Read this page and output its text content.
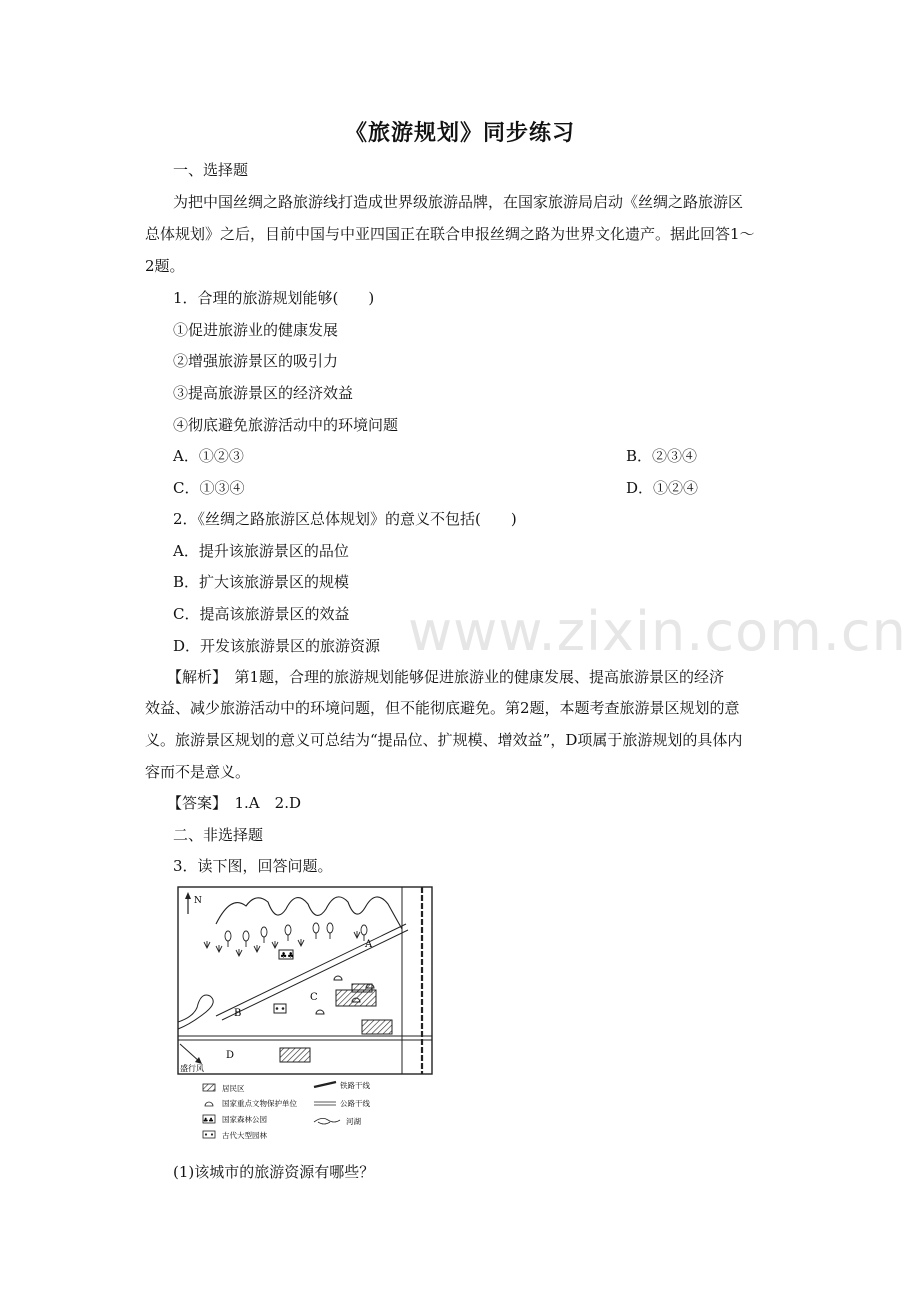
www.zixin.com.cn
《旅游规划》同步练习
一、选择题
为把中国丝绸之路旅游线打造成世界级旅游品牌，在国家旅游局启动《丝绸之路旅游区
总体规划》之后，目前中国与中亚四国正在联合申报丝绸之路为世界文化遗产。据此回答1～
2题。
1．合理的旅游规划能够(　　)
①促进旅游业的健康发展
②增强旅游景区的吸引力
③提高旅游景区的经济效益
④彻底避免旅游活动中的环境问题
A．①②③	B．②③④
C．①③④	D．①②④
2．《丝绸之路旅游区总体规划》的意义不包括(　　)
A．提升该旅游景区的品位
B．扩大该旅游景区的规模
C．提高该旅游景区的效益
D．开发该旅游景区的旅游资源
【解析】　第1题，合理的旅游规划能够促进旅游业的健康发展、提高旅游景区的经济
效益、减少旅游活动中的环境问题，但不能彻底避免。第2题，本题考查旅游景区规划的意
义。旅游景区规划的意义可总结为“提品位、扩规模、增效益”，D项属于旅游规划的具体内
容而不是意义。
【答案】　1.A　2.D
二、非选择题
3．读下图，回答问题。
N
♣♣
A
B
C
D
盛行风
居民区
国家重点文物保护单位
♣♣ 国家森林公园
古代大型园林
铁路干线
公路干线
河湖
(1)该城市的旅游资源有哪些？
